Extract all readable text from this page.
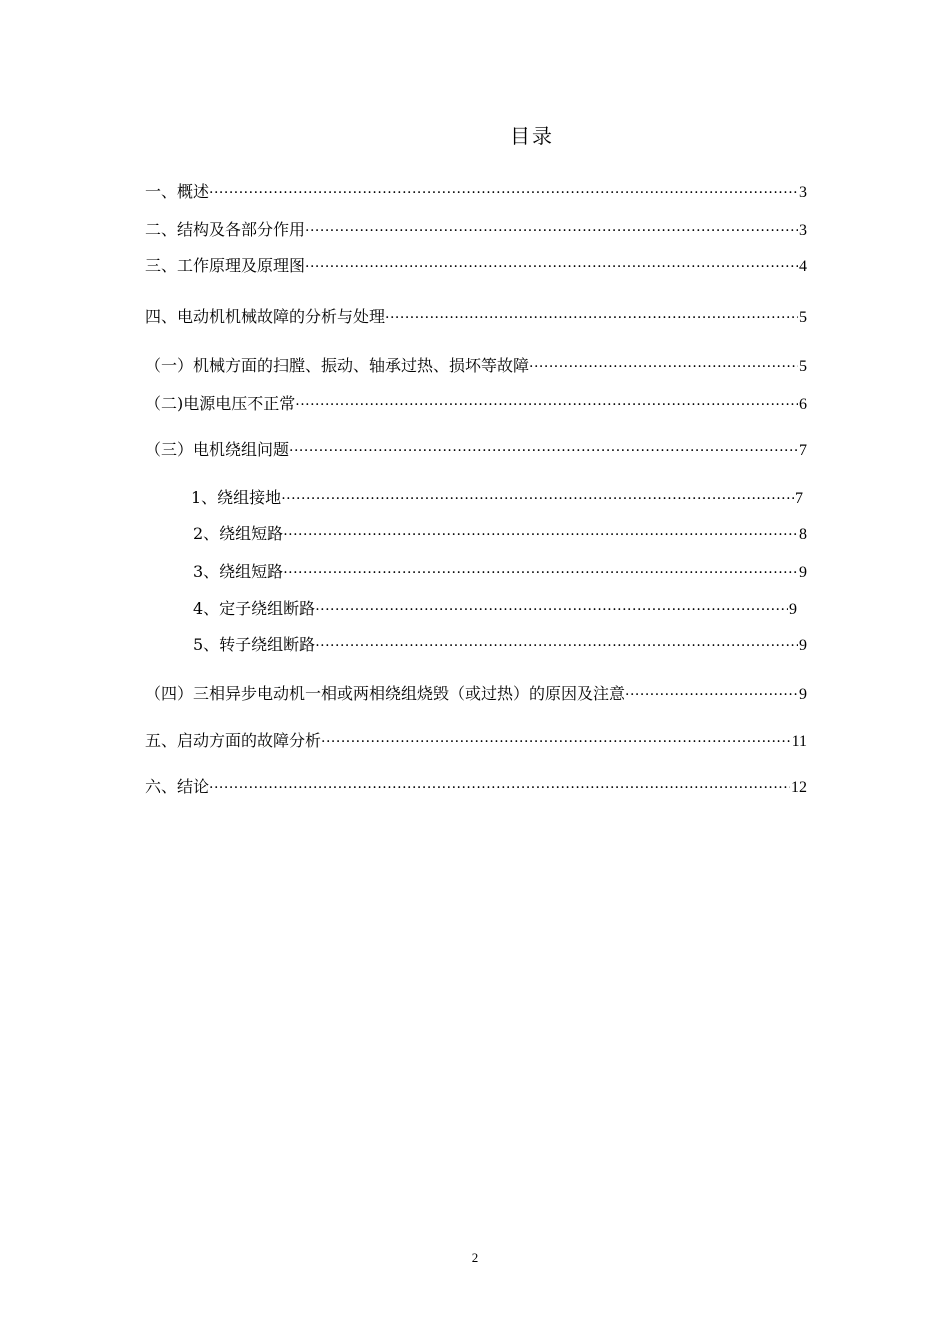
目录
一、概述 ·····	3
二、结构及各部分作用 ·····	3
三、工作原理及原理图 ·····	4
四、电动机机械故障的分析与处理 ·····	5
（一）机械方面的扫膛、振动、轴承过热、损坏等故障 ·····	5
（二)电源电压不正常 ·····	6
（三）电机绕组问题 ·····	7
1、绕组接地 ·····	7
2、绕组短路 ·····	8
3、绕组短路 ·····	9
4、定子绕组断路 ·····	9
5、转子绕组断路 ·····	9
（四）三相异步电动机一相或两相绕组烧毁（或过热）的原因及注意 ·····	9
五、启动方面的故障分析 ·····	11
六、结论 ·····	12
2
